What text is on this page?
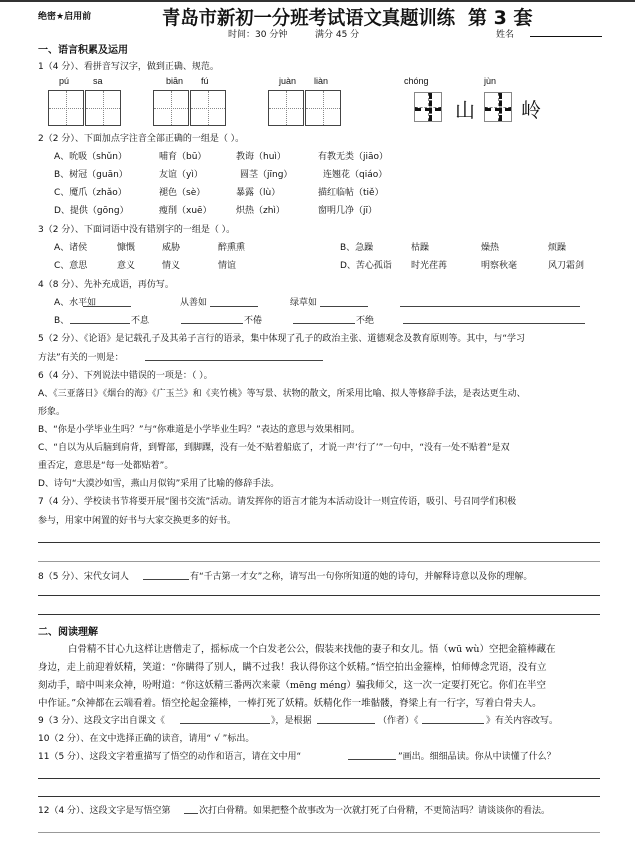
绝密★启用前	青岛市新初一分班考试语文真题训练 第 3 套
时间：30 分钟	满分 45 分	姓名
一、语言积累及运用
1（4 分）、看拼音写汉字，做到正确、规范。
pú	sa	biān fú	juàn liàn	chóng
山
jùn
岭
2（2 分）、下面加点字注音全部正确的一组是（ ）。
A、吮吸（shǔn）	哺育（bū）	教诲（huì）	有教无类（jiāo）
B、树冠（guān）	友谊（yì）	圆茎（jīng）	连翘花（qiáo）
C、魇爪（zhǎo）	褪色（sè）	暴露（lù）	描红临帖（tiě）
D、提供（gōng）	瘦削（xuē）	炽热（zhì）	窗明几净（jī）
3（2 分）、下面词语中没有错别字的一组是（ ）。
A、诸侯	慷慨	威胁	醉熏熏	B、急躁	枯躁	燥热	烦躁
C、意思	意义	情义	情谊	D、苦心孤诣 时光荏苒	明察秋毫	风刀霜剑
4（8 分）、先补充成语，再仿写。
A、水平如	从善如	绿草如
B、	不息	不倦	不绝
5（2 分）、《论语》是记载孔子及其弟子言行的语录，集中体现了孔子的政治主张、道德观念及教育原则等。其中，与“学习
方法”有关的一则是：
6（4 分）、下列说法中错误的一项是：（ ）。
A、《三亚落日》《烟台的海》《广玉兰》和《夹竹桃》等写景、状物的散文，所采用比喻、拟人等修辞手法，是表达更生动、
形象。
B、“你是小学毕业生吗？”与“你难道是小学毕业生吗？”表达的意思与效果相同。
C、“自以为从后脑到肩背，到臀部，到脚踝，没有一处不贴着船底了，才说一声‘行了’”一句中，“没有一处不贴着”是双
重否定，意思是“每一处都贴着”。
D、诗句“大漠沙如雪，燕山月似钩”采用了比喻的修辞手法。
7（4 分）、学校读书节将要开展“图书交流”活动。请发挥你的语言才能为本活动设计一则宣传语，吸引、号召同学们积极
参与，用家中闲置的好书与大家交换更多的好书。
8（5 分）、宋代女词人	有“千古第一才女”之称，请写出一句你所知道的她的诗句，并解释诗意以及你的理解。
二、阅读理解
白骨精不甘心九这样让唐僧走了，摇标成一个白发老公公，假装来找他的妻子和女儿。悟（wū wù）空把金箍棒藏在
身边，走上前迎着妖精，笑道：“你瞒得了别人，瞒不过我！我认得你这个妖精。”悟空拍出金箍棒，怕师傅念咒语，没有立
刻动手，暗中叫来众神，吩咐道：“你这妖精三番两次来蒙（mēng méng）骗我师父，这一次一定要打死它。你们在半空
中作证。”众神都在云端看着。悟空抡起金箍棒，一棒打死了妖精。妖精化作一堆骷髅，脊梁上有一行字，写着白骨夫人。
9（3 分）、这段文字出自课文《	》，是根据	（作者）《	》有关内容改写。
10（2 分）、在文中选择正确的读音，请用“ √ ”标出。
11（5 分）、这段文字着重描写了悟空的动作和语言，请在文中用“	”画出。细细品读。你从中读懂了什么？
12（4 分）、这段文字是写悟空第	次打白骨精。如果把整个故事改为一次就打死了白骨精，不更简洁吗？请谈谈你的看法。
